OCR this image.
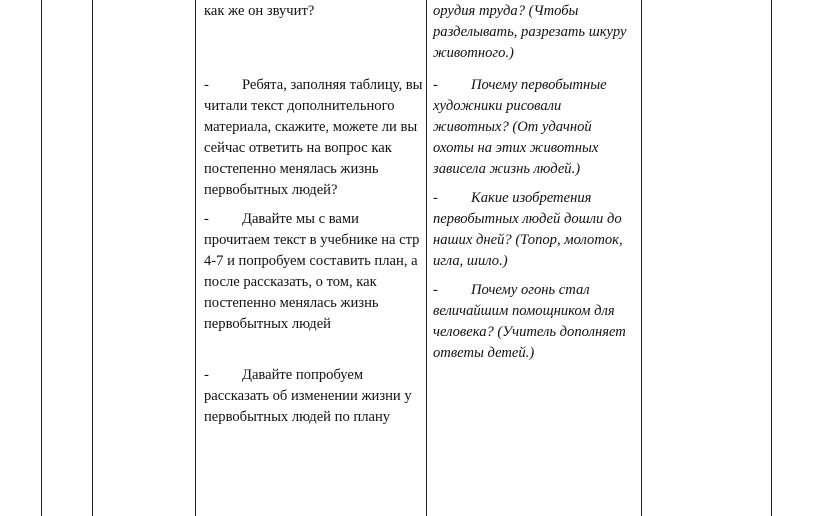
как же он звучит?

- Ребята, заполняя таблицу, вы читали текст дополнительного материала, скажите, можете ли вы сейчас ответить на вопрос как постепенно менялась жизнь первобытных людей?

- Давайте мы с вами прочитаем текст в учебнике на стр 4-7 и попробуем составить план, а после рассказать, о том, как постепенно менялась жизнь первобытных людей

- Давайте попробуем рассказать об изменении жизни у первобытных людей по плану

орудия труда? (Чтобы разделывать, разрезать шкуру животного.)

- Почему первобытные художники рисовали животных? (От удачной охоты на этих животных зависела жизнь людей.)

- Какие изобретения первобытных людей дошли до наших дней? (Топор, молоток, игла, шило.)

- Почему огонь стал величайшим помощником для человека? (Учитель дополняет ответы детей.)
